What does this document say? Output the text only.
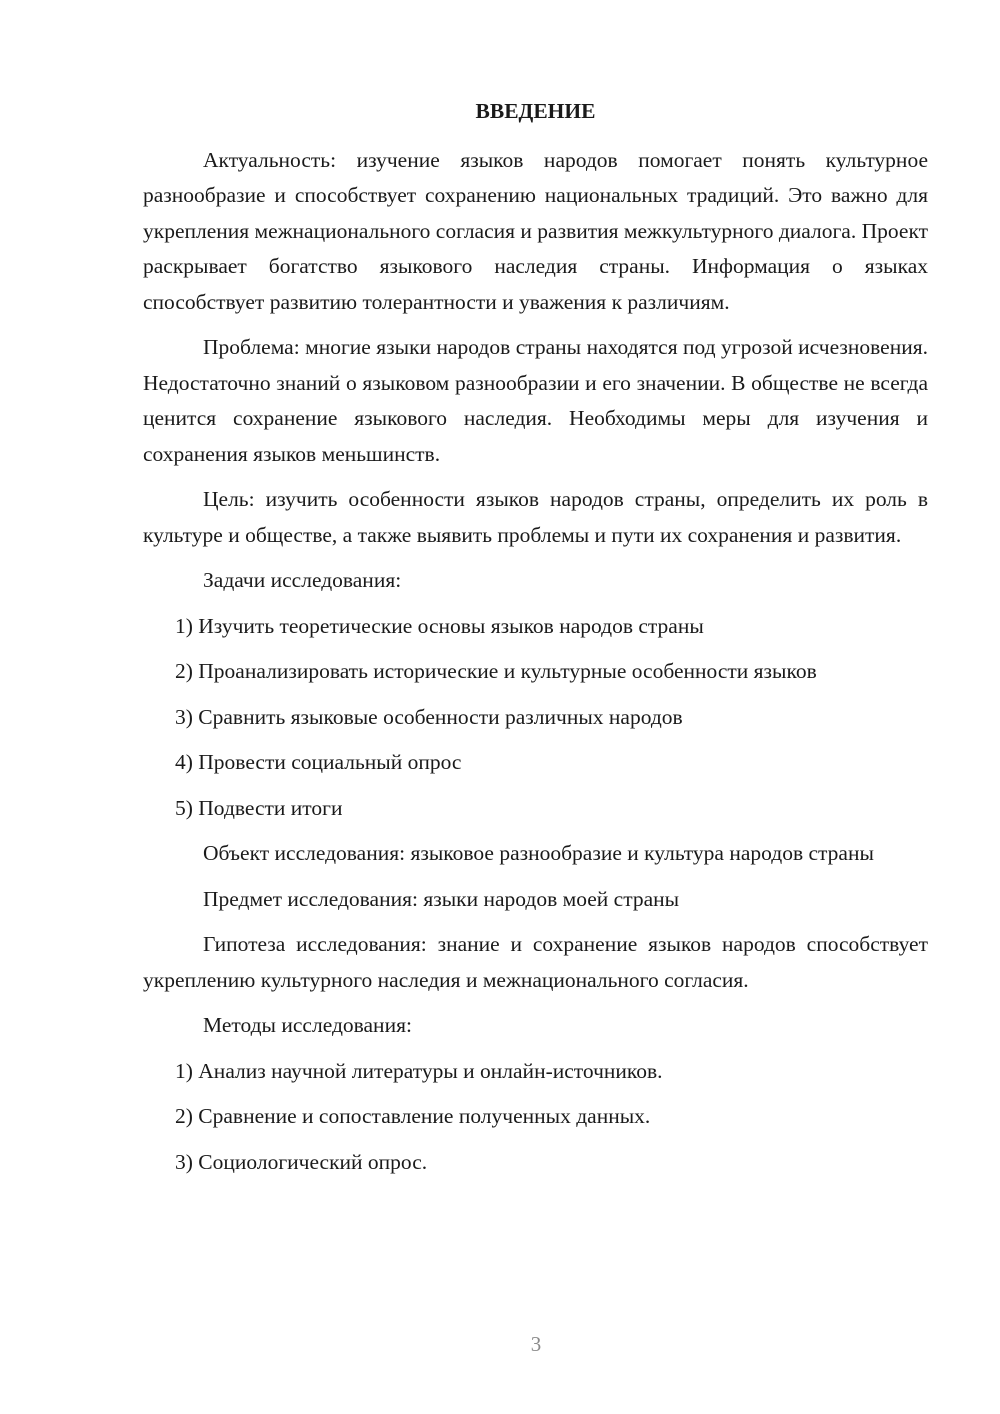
ВВЕДЕНИЕ

Актуальность: изучение языков народов помогает понять культурное разнообразие и способствует сохранению национальных традиций. Это важно для укрепления межнационального согласия и развития межкультурного диалога. Проект раскрывает богатство языкового наследия страны. Информация о языках способствует развитию толерантности и уважения к различиям.

Проблема: многие языки народов страны находятся под угрозой исчезновения. Недостаточно знаний о языковом разнообразии и его значении. В обществе не всегда ценится сохранение языкового наследия. Необходимы меры для изучения и сохранения языков меньшинств.

Цель: изучить особенности языков народов страны, определить их роль в культуре и обществе, а также выявить проблемы и пути их сохранения и развития.

Задачи исследования:

1) Изучить теоретические основы языков народов страны

2) Проанализировать исторические и культурные особенности языков

3) Сравнить языковые особенности различных народов

4) Провести социальный опрос

5) Подвести итоги

Объект исследования: языковое разнообразие и культура народов страны

Предмет исследования: языки народов моей страны

Гипотеза исследования: знание и сохранение языков народов способствует укреплению культурного наследия и межнационального согласия.

Методы исследования:

1) Анализ научной литературы и онлайн-источников.

2) Сравнение и сопоставление полученных данных.

3) Социологический опрос.

3
